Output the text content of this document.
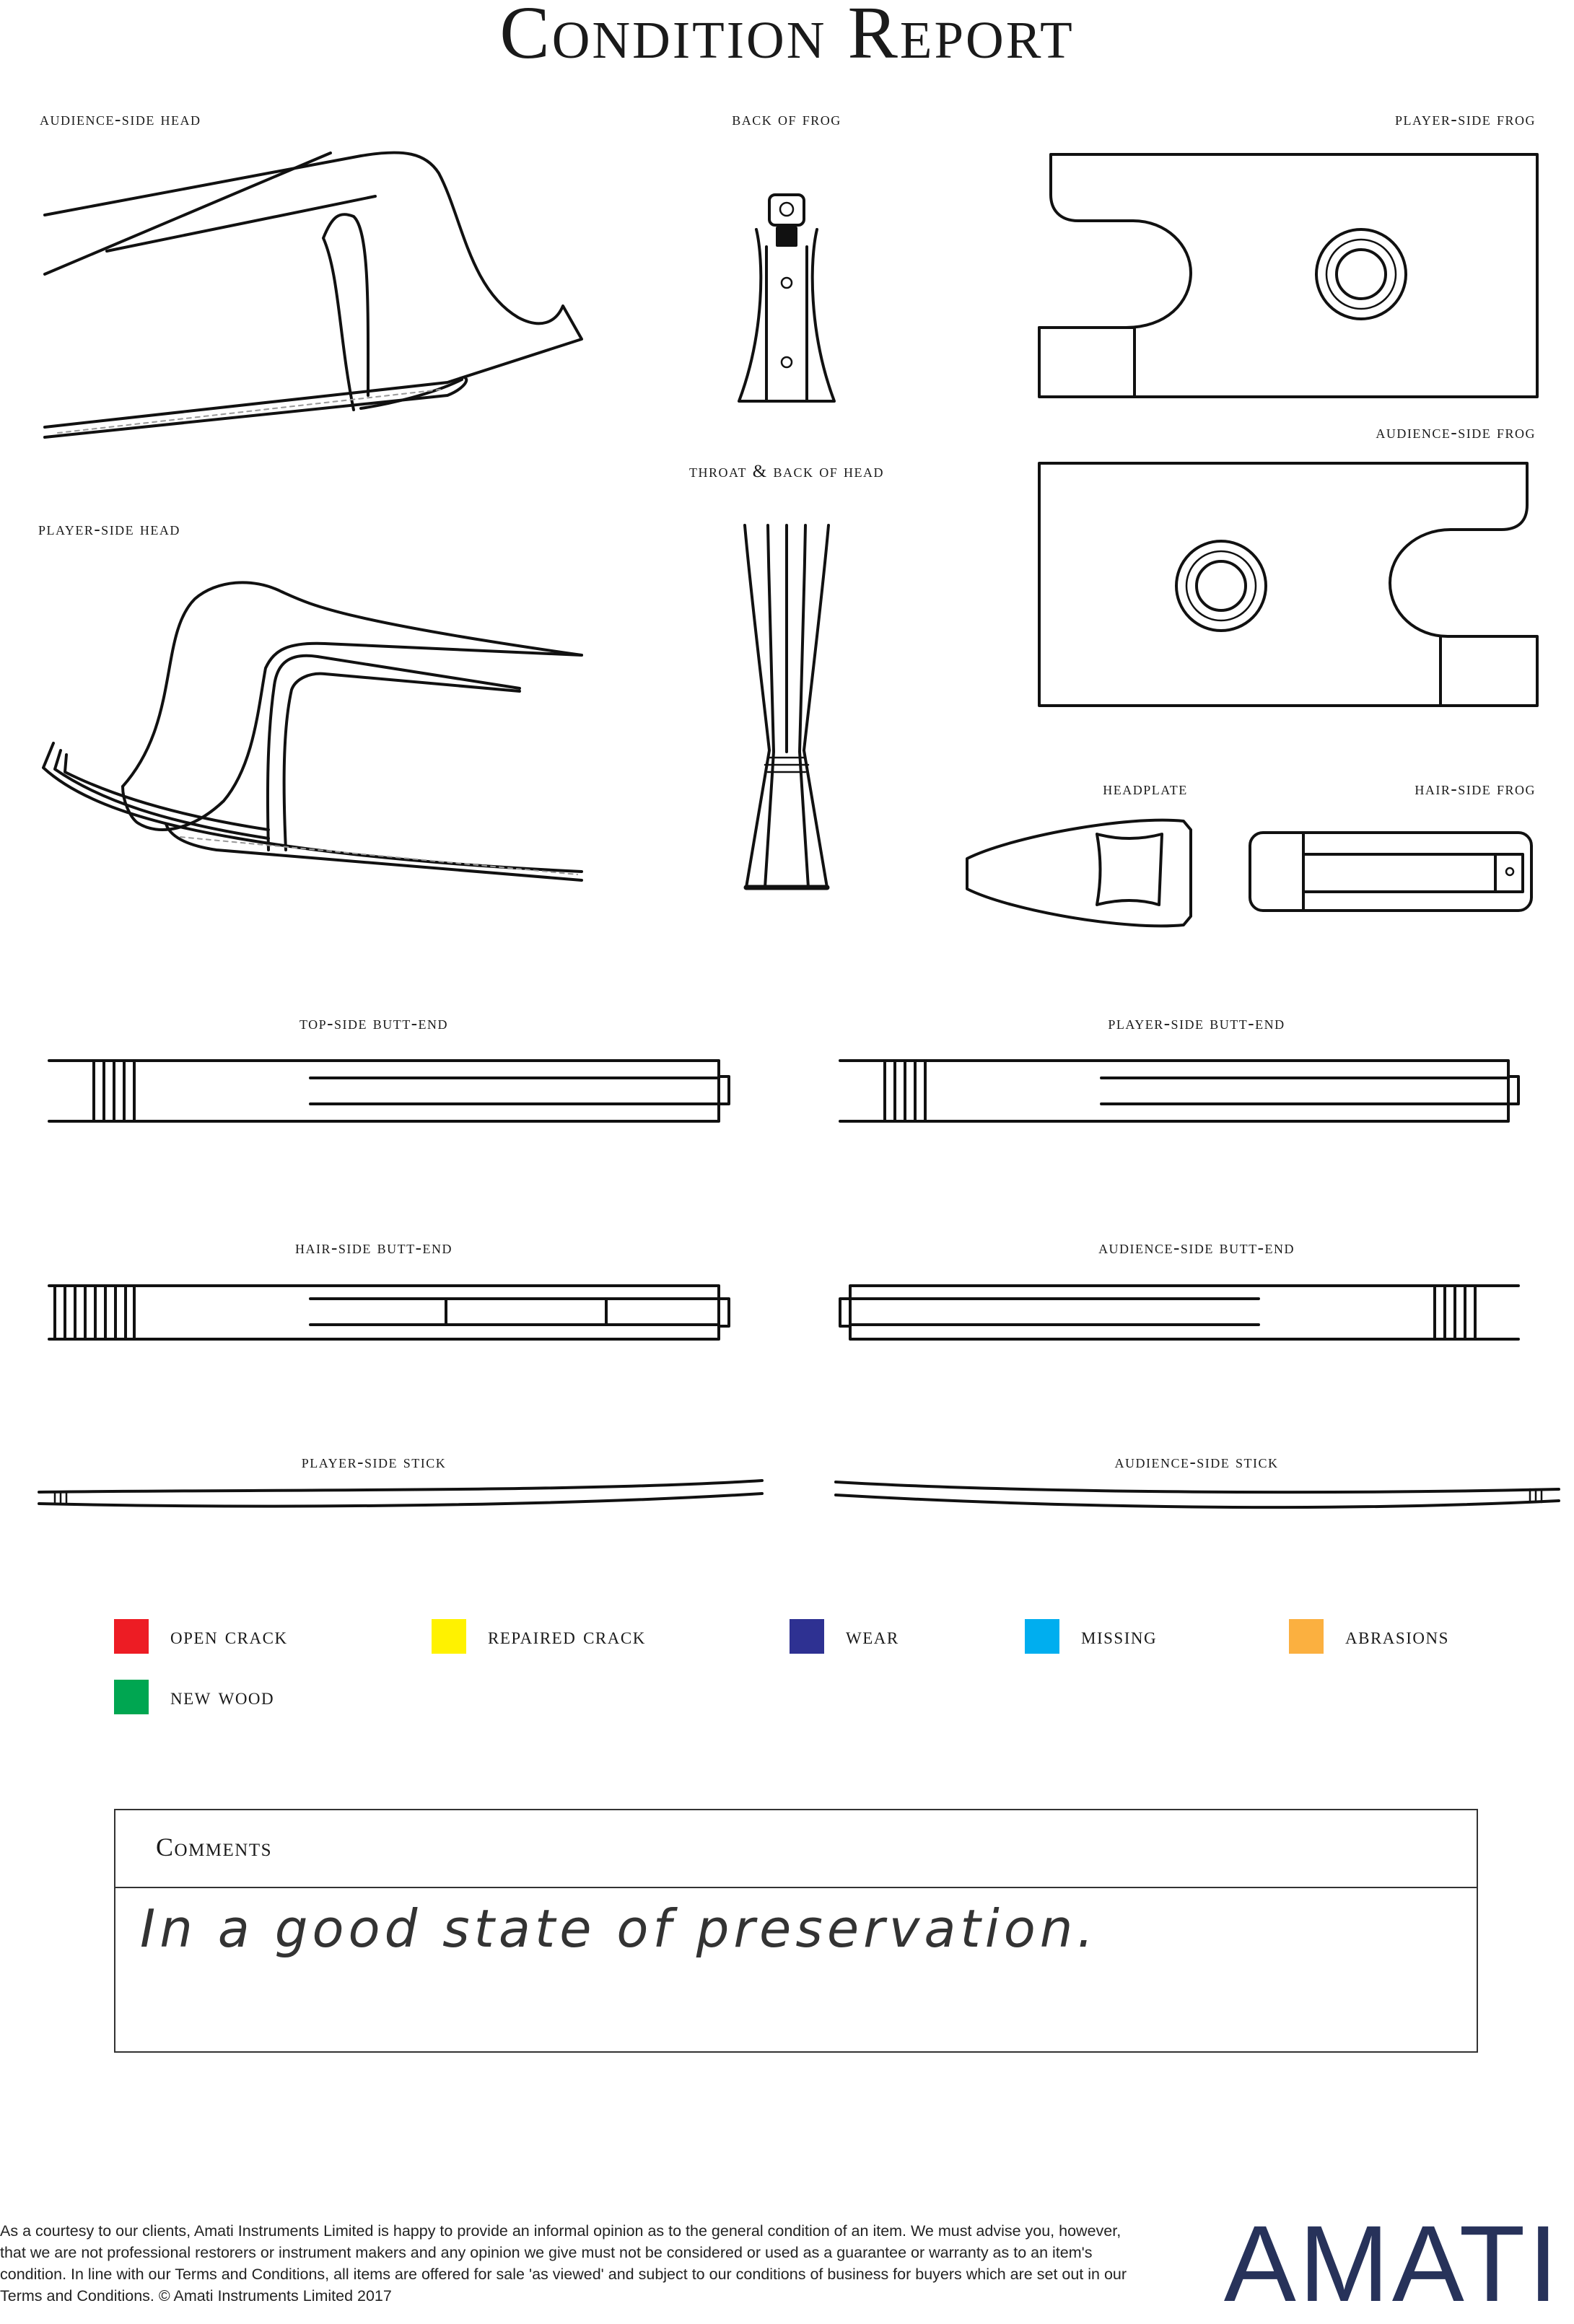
Condition Report
audience-side head	back of frog	player-side frog
audience-side frog
throat & back of head
player-side head
headplate	hair-side frog
top-side butt-end	player-side butt-end
hair-side butt-end	audience-side butt-end
player-side stick	audience-side stick
open crack	repaired crack	wear	missing	abrasions
new wood
Comments
In a good state of preservation.
As a courtesy to our clients, Amati Instruments Limited is happy to provide an informal opinion as to the general condition of an item. We must advise you, however, that we are not professional restorers or instrument makers and any opinion we give must not be considered or used as a guarantee or warranty as to an item's condition. In line with our Terms and Conditions, all items are offered for sale 'as viewed' and subject to our conditions of business for buyers which are set out in our Terms and Conditions. © Amati Instruments Limited 2017	AMATI
